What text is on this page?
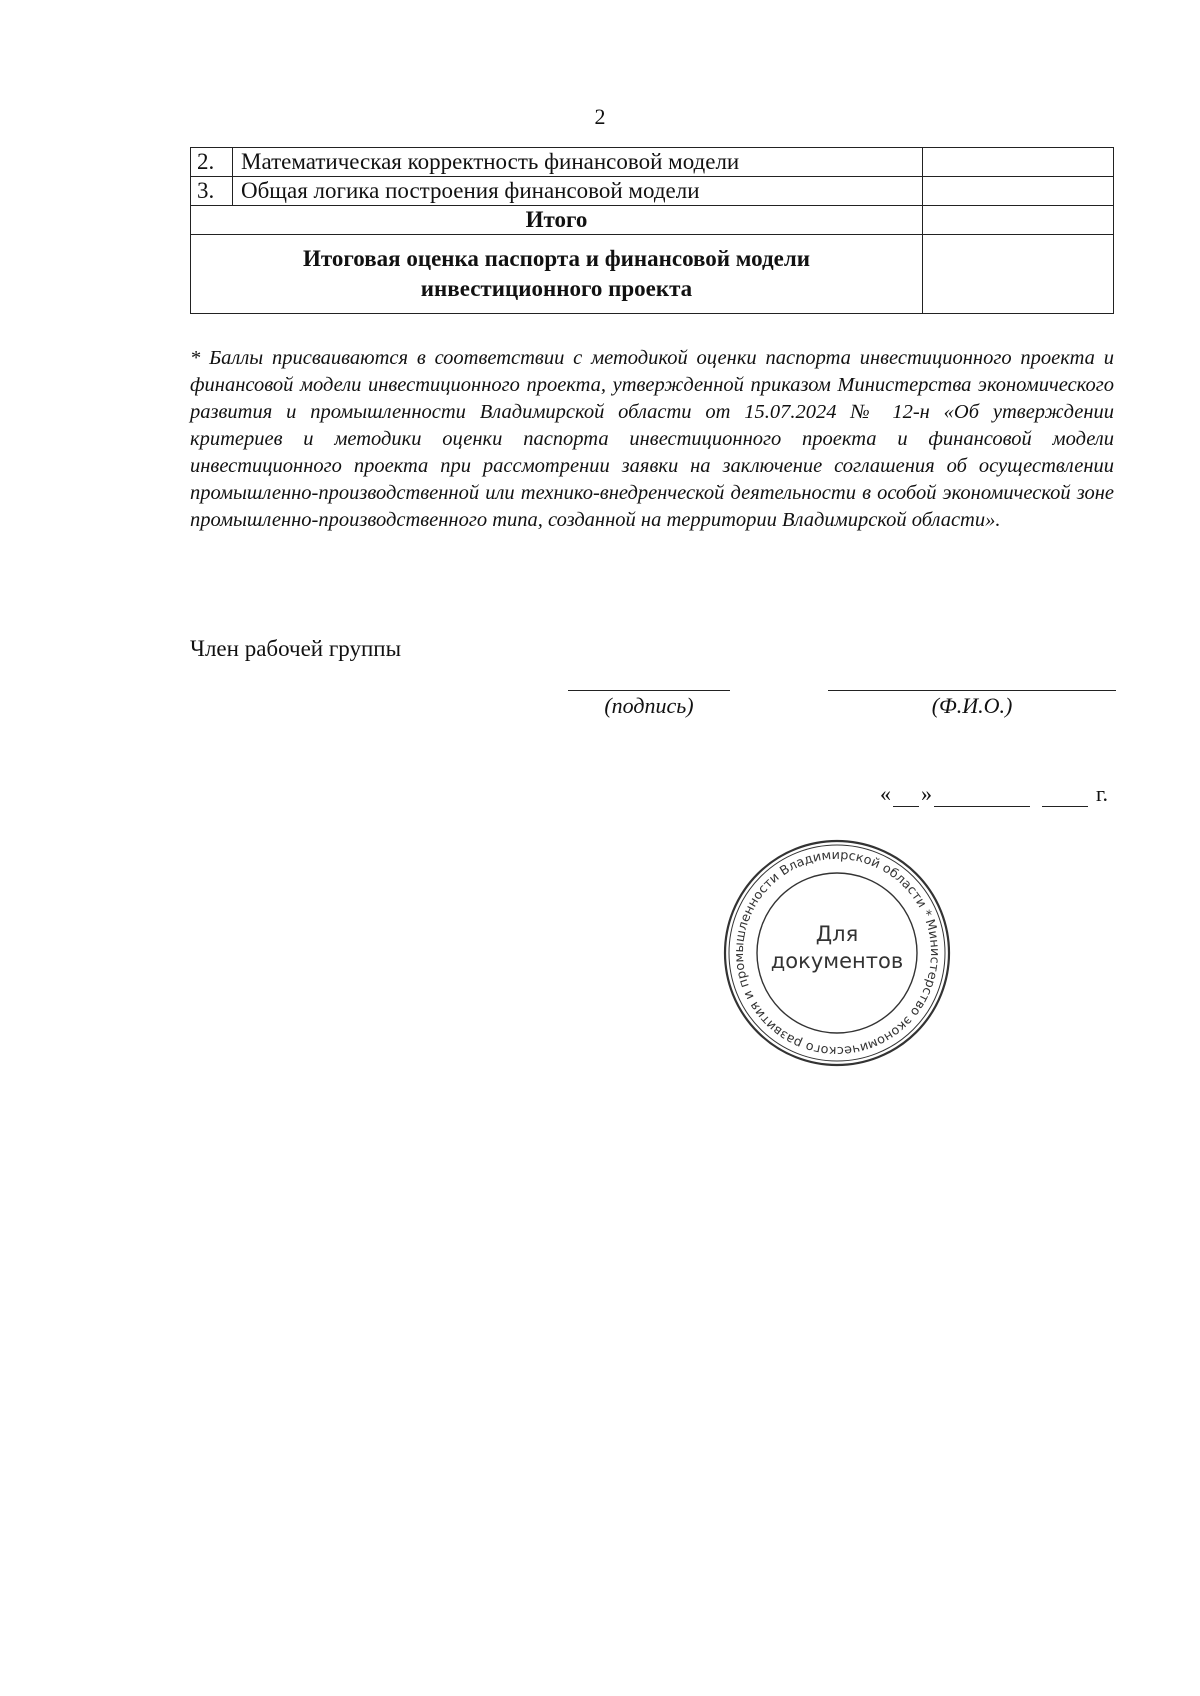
2
2.	Математическая корректность финансовой модели	
3.	Общая логика построения финансовой модели	
Итого		
Итоговая оценка паспорта и финансовой модели
инвестиционного проекта		
* Баллы присваиваются в соответствии с методикой оценки паспорта инвестиционного проекта и финансовой модели инвестиционного проекта, утвержденной приказом Министерства экономического развития и промышленности Владимирской области от 15.07.2024 № 12-н «Об утверждении критериев и методики оценки паспорта инвестиционного проекта и финансовой модели инвестиционного проекта при рассмотрении заявки на заключение соглашения об осуществлении промышленно-производственной или технико-внедренческой деятельности в особой экономической зоне промышленно-производственного типа, созданной на территории Владимирской области».
Член рабочей группы
(подпись)	(Ф.И.О.)
« »	г.
Министерство экономического развития и промышленности Владимирской области *
Для
документов
